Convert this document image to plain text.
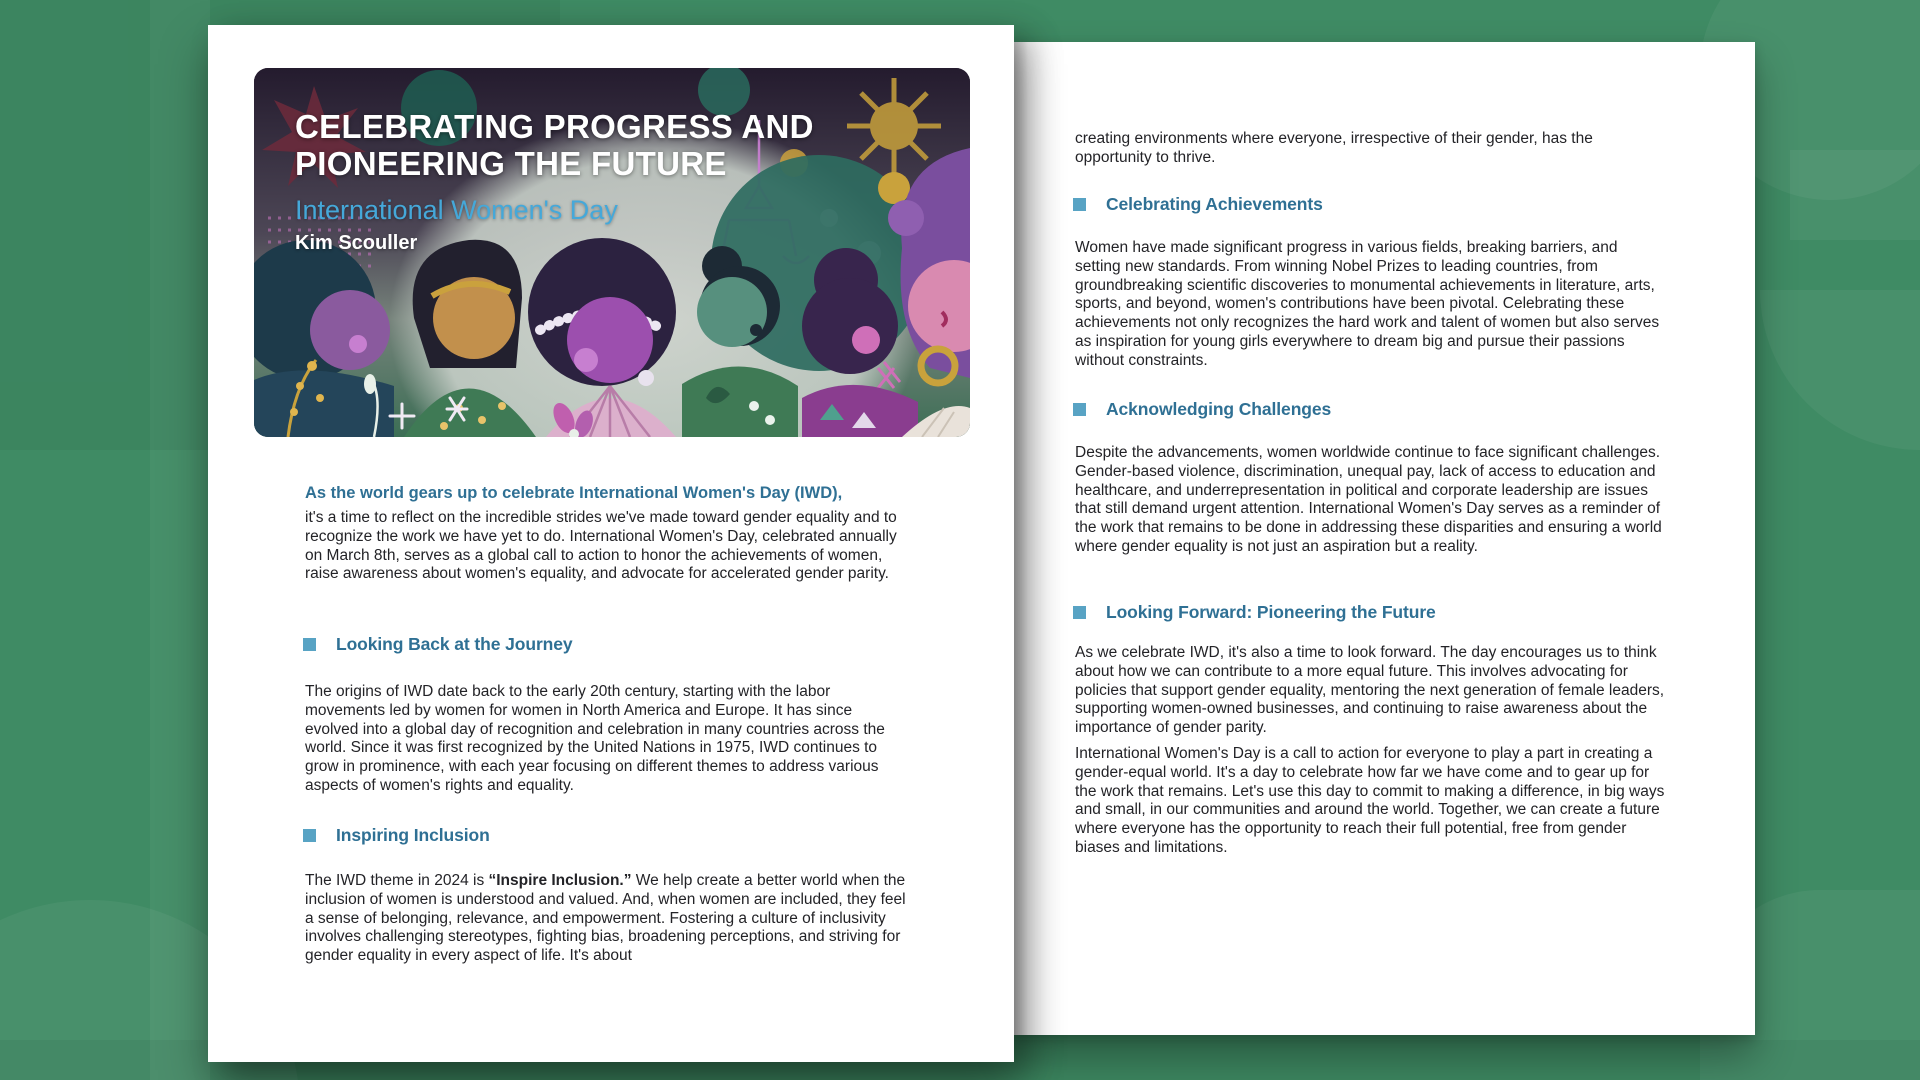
creating environments where everyone, irrespective of their gender, has the opportunity to thrive.
Celebrating Achievements
Women have made significant progress in various fields, breaking barriers, and setting new standards. From winning Nobel Prizes to leading countries, from groundbreaking scientific discoveries to monumental achievements in literature, arts, sports, and beyond, women's contributions have been pivotal. Celebrating these achievements not only recognizes the hard work and talent of women but also serves as inspiration for young girls everywhere to dream big and pursue their passions without constraints.
Acknowledging Challenges
Despite the advancements, women worldwide continue to face significant challenges. Gender-based violence, discrimination, unequal pay, lack of access to education and healthcare, and underrepresentation in political and corporate leadership are issues that still demand urgent attention. International Women's Day serves as a reminder of the work that remains to be done in addressing these disparities and ensuring a world where gender equality is not just an aspiration but a reality.
Looking Forward: Pioneering the Future
As we celebrate IWD, it's also a time to look forward. The day encourages us to think about how we can contribute to a more equal future. This involves advocating for policies that support gender equality, mentoring the next generation of female leaders, supporting women-owned businesses, and continuing to raise awareness about the importance of gender parity.
International Women's Day is a call to action for everyone to play a part in creating a gender-equal world. It's a day to celebrate how far we have come and to gear up for the work that remains. Let's use this day to commit to making a difference, in big ways and small, in our communities and around the world. Together, we can create a future where everyone has the opportunity to reach their full potential, free from gender biases and limitations.
CELEBRATING PROGRESS AND
PIONEERING THE FUTURE
International Women's Day
Kim Scouller
As the world gears up to celebrate International Women's Day (IWD),
it's a time to reflect on the incredible strides we've made toward gender equality and to recognize the work we have yet to do. International Women's Day, celebrated annually on March 8th, serves as a global call to action to honor the achievements of women, raise awareness about women's equality, and advocate for accelerated gender parity.
Looking Back at the Journey
The origins of IWD date back to the early 20th century, starting with the labor movements led by women for women in North America and Europe. It has since evolved into a global day of recognition and celebration in many countries across the world. Since it was first recognized by the United Nations in 1975, IWD continues to grow in prominence, with each year focusing on different themes to address various aspects of women's rights and equality.
Inspiring Inclusion
The IWD theme in 2024 is “Inspire Inclusion.” We help create a better world when the inclusion of women is understood and valued. And, when women are included, they feel a sense of belonging, relevance, and empowerment. Fostering a culture of inclusivity involves challenging stereotypes, fighting bias, broadening perceptions, and striving for gender equality in every aspect of life. It's about
